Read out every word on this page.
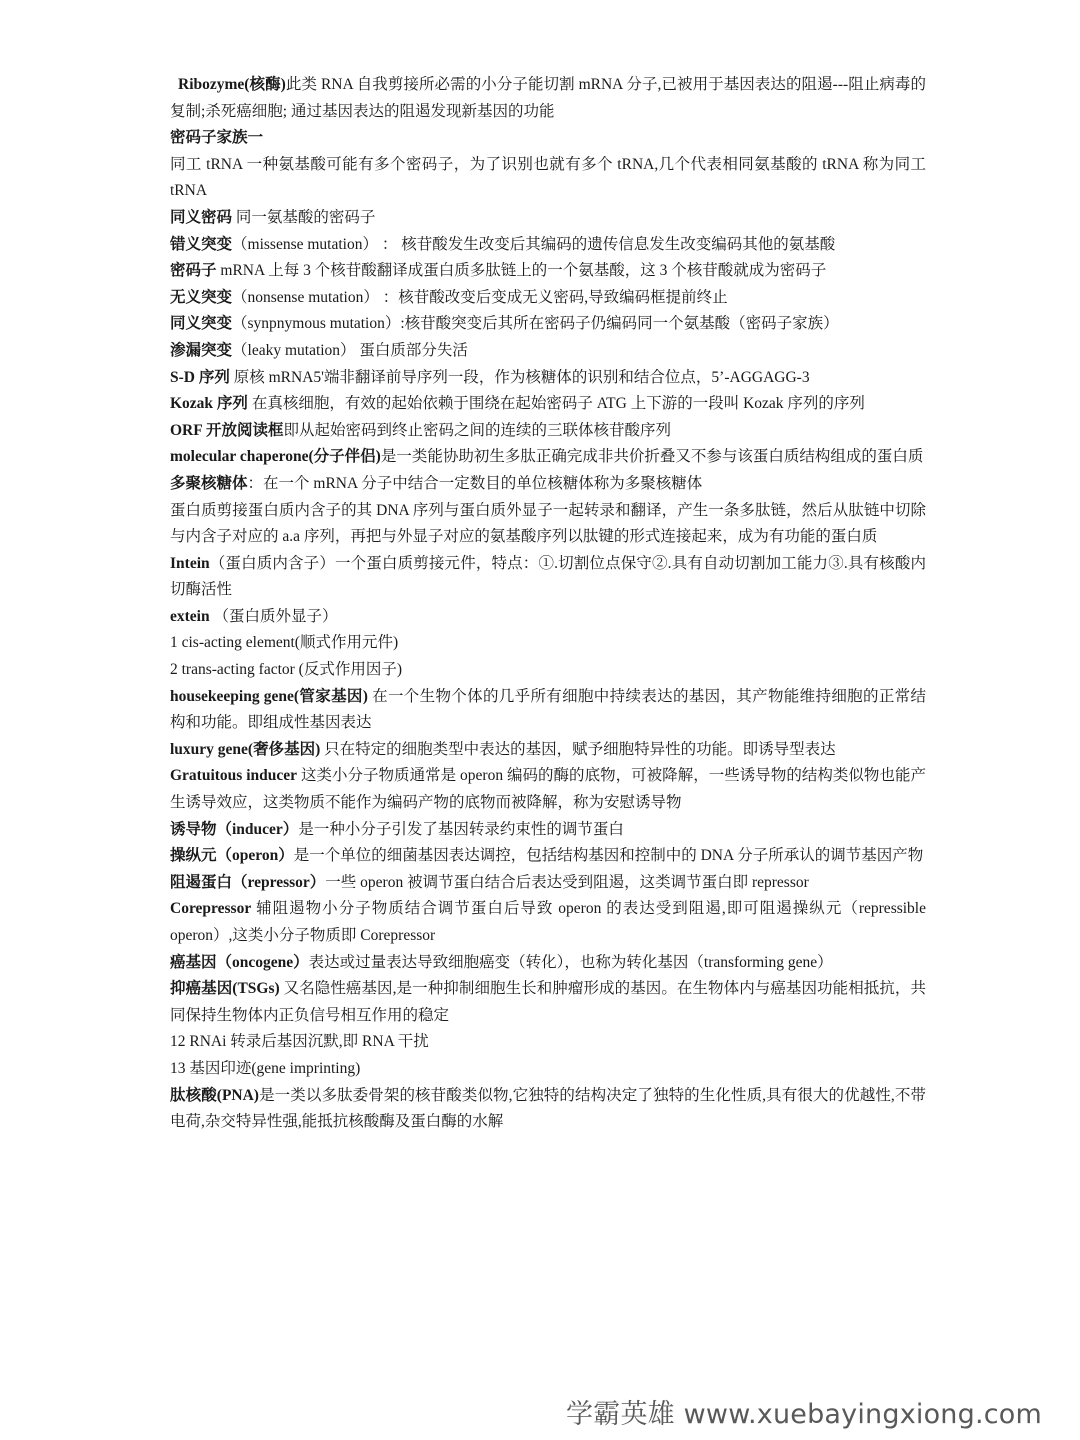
Ribozyme(核酶)此类 RNA 自我剪接所必需的小分子能切割 mRNA 分子,已被用于基因表达的阻遏---阻止病毒的复制;杀死癌细胞; 通过基因表达的阻遏发现新基因的功能

密码子家族一

同工 tRNA 一种氨基酸可能有多个密码子，为了识别也就有多个 tRNA,几个代表相同氨基酸的 tRNA 称为同工 tRNA

同义密码 同一氨基酸的密码子

错义突变（missense mutation） ： 核苷酸发生改变后其编码的遗传信息发生改变编码其他的氨基酸

密码子 mRNA 上每 3 个核苷酸翻译成蛋白质多肽链上的一个氨基酸，这 3 个核苷酸就成为密码子

无义突变（nonsense mutation） ：核苷酸改变后变成无义密码,导致编码框提前终止

同义突变（synpnymous mutation）:核苷酸突变后其所在密码子仍编码同一个氨基酸（密码子家族）

渗漏突变（leaky mutation） 蛋白质部分失活

S-D 序列 原核 mRNA5'端非翻译前导序列一段，作为核糖体的识别和结合位点，5’-AGGAGG-3

Kozak 序列 在真核细胞，有效的起始依赖于围绕在起始密码子 ATG 上下游的一段叫 Kozak 序列的序列

ORF 开放阅读框即从起始密码到终止密码之间的连续的三联体核苷酸序列

molecular chaperone(分子伴侣)是一类能协助初生多肽正确完成非共价折叠又不参与该蛋白质结构组成的蛋白质

多聚核糖体：在一个 mRNA 分子中结合一定数目的单位核糖体称为多聚核糖体

蛋白质剪接蛋白质内含子的其 DNA 序列与蛋白质外显子一起转录和翻译，产生一条多肽链，然后从肽链中切除与内含子对应的 a.a 序列，再把与外显子对应的氨基酸序列以肽键的形式连接起来，成为有功能的蛋白质

Intein（蛋白质内含子）一个蛋白质剪接元件，特点：①.切割位点保守②.具有自动切割加工能力③.具有核酸内切酶活性

extein （蛋白质外显子）

1 cis-acting element(顺式作用元件)

2 trans-acting factor (反式作用因子)

housekeeping gene(管家基因) 在一个生物个体的几乎所有细胞中持续表达的基因，其产物能维持细胞的正常结构和功能。即组成性基因表达

luxury gene(奢侈基因) 只在特定的细胞类型中表达的基因，赋予细胞特异性的功能。即诱导型表达

Gratuitous inducer 这类小分子物质通常是 operon 编码的酶的底物，可被降解，一些诱导物的结构类似物也能产生诱导效应，这类物质不能作为编码产物的底物而被降解，称为安慰诱导物

诱导物（inducer）是一种小分子引发了基因转录约束性的调节蛋白

操纵元（operon）是一个单位的细菌基因表达调控，包括结构基因和控制中的 DNA 分子所承认的调节基因产物

阻遏蛋白（repressor）一些 operon 被调节蛋白结合后表达受到阻遏，这类调节蛋白即 repressor

Corepressor 辅阻遏物小分子物质结合调节蛋白后导致 operon 的表达受到阻遏,即可阻遏操纵元（repressible operon）,这类小分子物质即 Corepressor

癌基因（oncogene）表达或过量表达导致细胞癌变（转化），也称为转化基因（transforming gene）

抑癌基因(TSGs) 又名隐性癌基因,是一种抑制细胞生长和肿瘤形成的基因。在生物体内与癌基因功能相抵抗，共同保持生物体内正负信号相互作用的稳定

12 RNAi 转录后基因沉默,即 RNA 干扰

13 基因印迹(gene imprinting)

肽核酸(PNA)是一类以多肽委骨架的核苷酸类似物,它独特的结构决定了独特的生化性质,具有很大的优越性,不带电荷,杂交特异性强,能抵抗核酸酶及蛋白酶的水解

学霸英雄 www.xuebayingxiong.com
